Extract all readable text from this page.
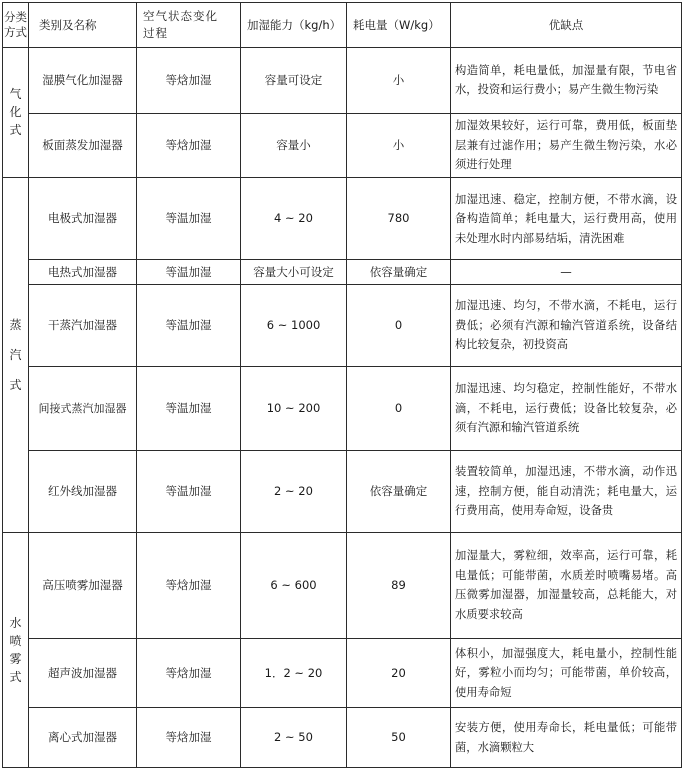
分类方式	类别及名称	空气状态变化过程	加湿能力（kg/h）	耗电量（W/kg）	优缺点
气化式	湿膜气化加湿器	等焓加湿	容量可设定	小	构造简单，耗电量低，加湿量有限，节电省水，投资和运行费小；易产生微生物污染
	板面蒸发加湿器	等焓加湿	容量小	小	加湿效果较好，运行可靠，费用低，板面垫层兼有过滤作用；易产生微生物污染，水必须进行处理
蒸汽式	电极式加湿器	等温加湿	4 ~ 20	780	加湿迅速、稳定，控制方便，不带水滴，设备构造简单；耗电量大，运行费用高，使用未处理水时内部易结垢，清洗困难
	电热式加湿器	等温加湿	容量大小可设定	依容量确定	—
	干蒸汽加湿器	等温加湿	6 ~ 1000	0	加湿迅速、均匀，不带水滴，不耗电，运行费低；必须有汽源和输汽管道系统，设备结构比较复杂，初投资高
	间接式蒸汽加湿器	等温加湿	10 ~ 200	0	加湿迅速、均匀稳定，控制性能好，不带水滴，不耗电，运行费低；设备比较复杂，必须有汽源和输汽管道系统
	红外线加湿器	等温加湿	2 ~ 20	依容量确定	装置较简单，加湿迅速，不带水滴，动作迅速，控制方便，能自动清洗；耗电量大，运行费用高，使用寿命短，设备贵
水喷雾式	高压喷雾加湿器	等焓加湿	6 ~ 600	89	加湿量大，雾粒细，效率高，运行可靠，耗电量低；可能带菌，水质差时喷嘴易堵。高压微雾加湿器，加湿量较高，总耗能大，对水质要求较高
	超声波加湿器	等焓加湿	1．2 ~ 20	20	体积小，加湿强度大，耗电量小，控制性能好，雾粒小而均匀；可能带菌，单价较高，使用寿命短
	离心式加湿器	等焓加湿	2 ~ 50	50	安装方便，使用寿命长，耗电量低；可能带菌，水滴颗粒大
